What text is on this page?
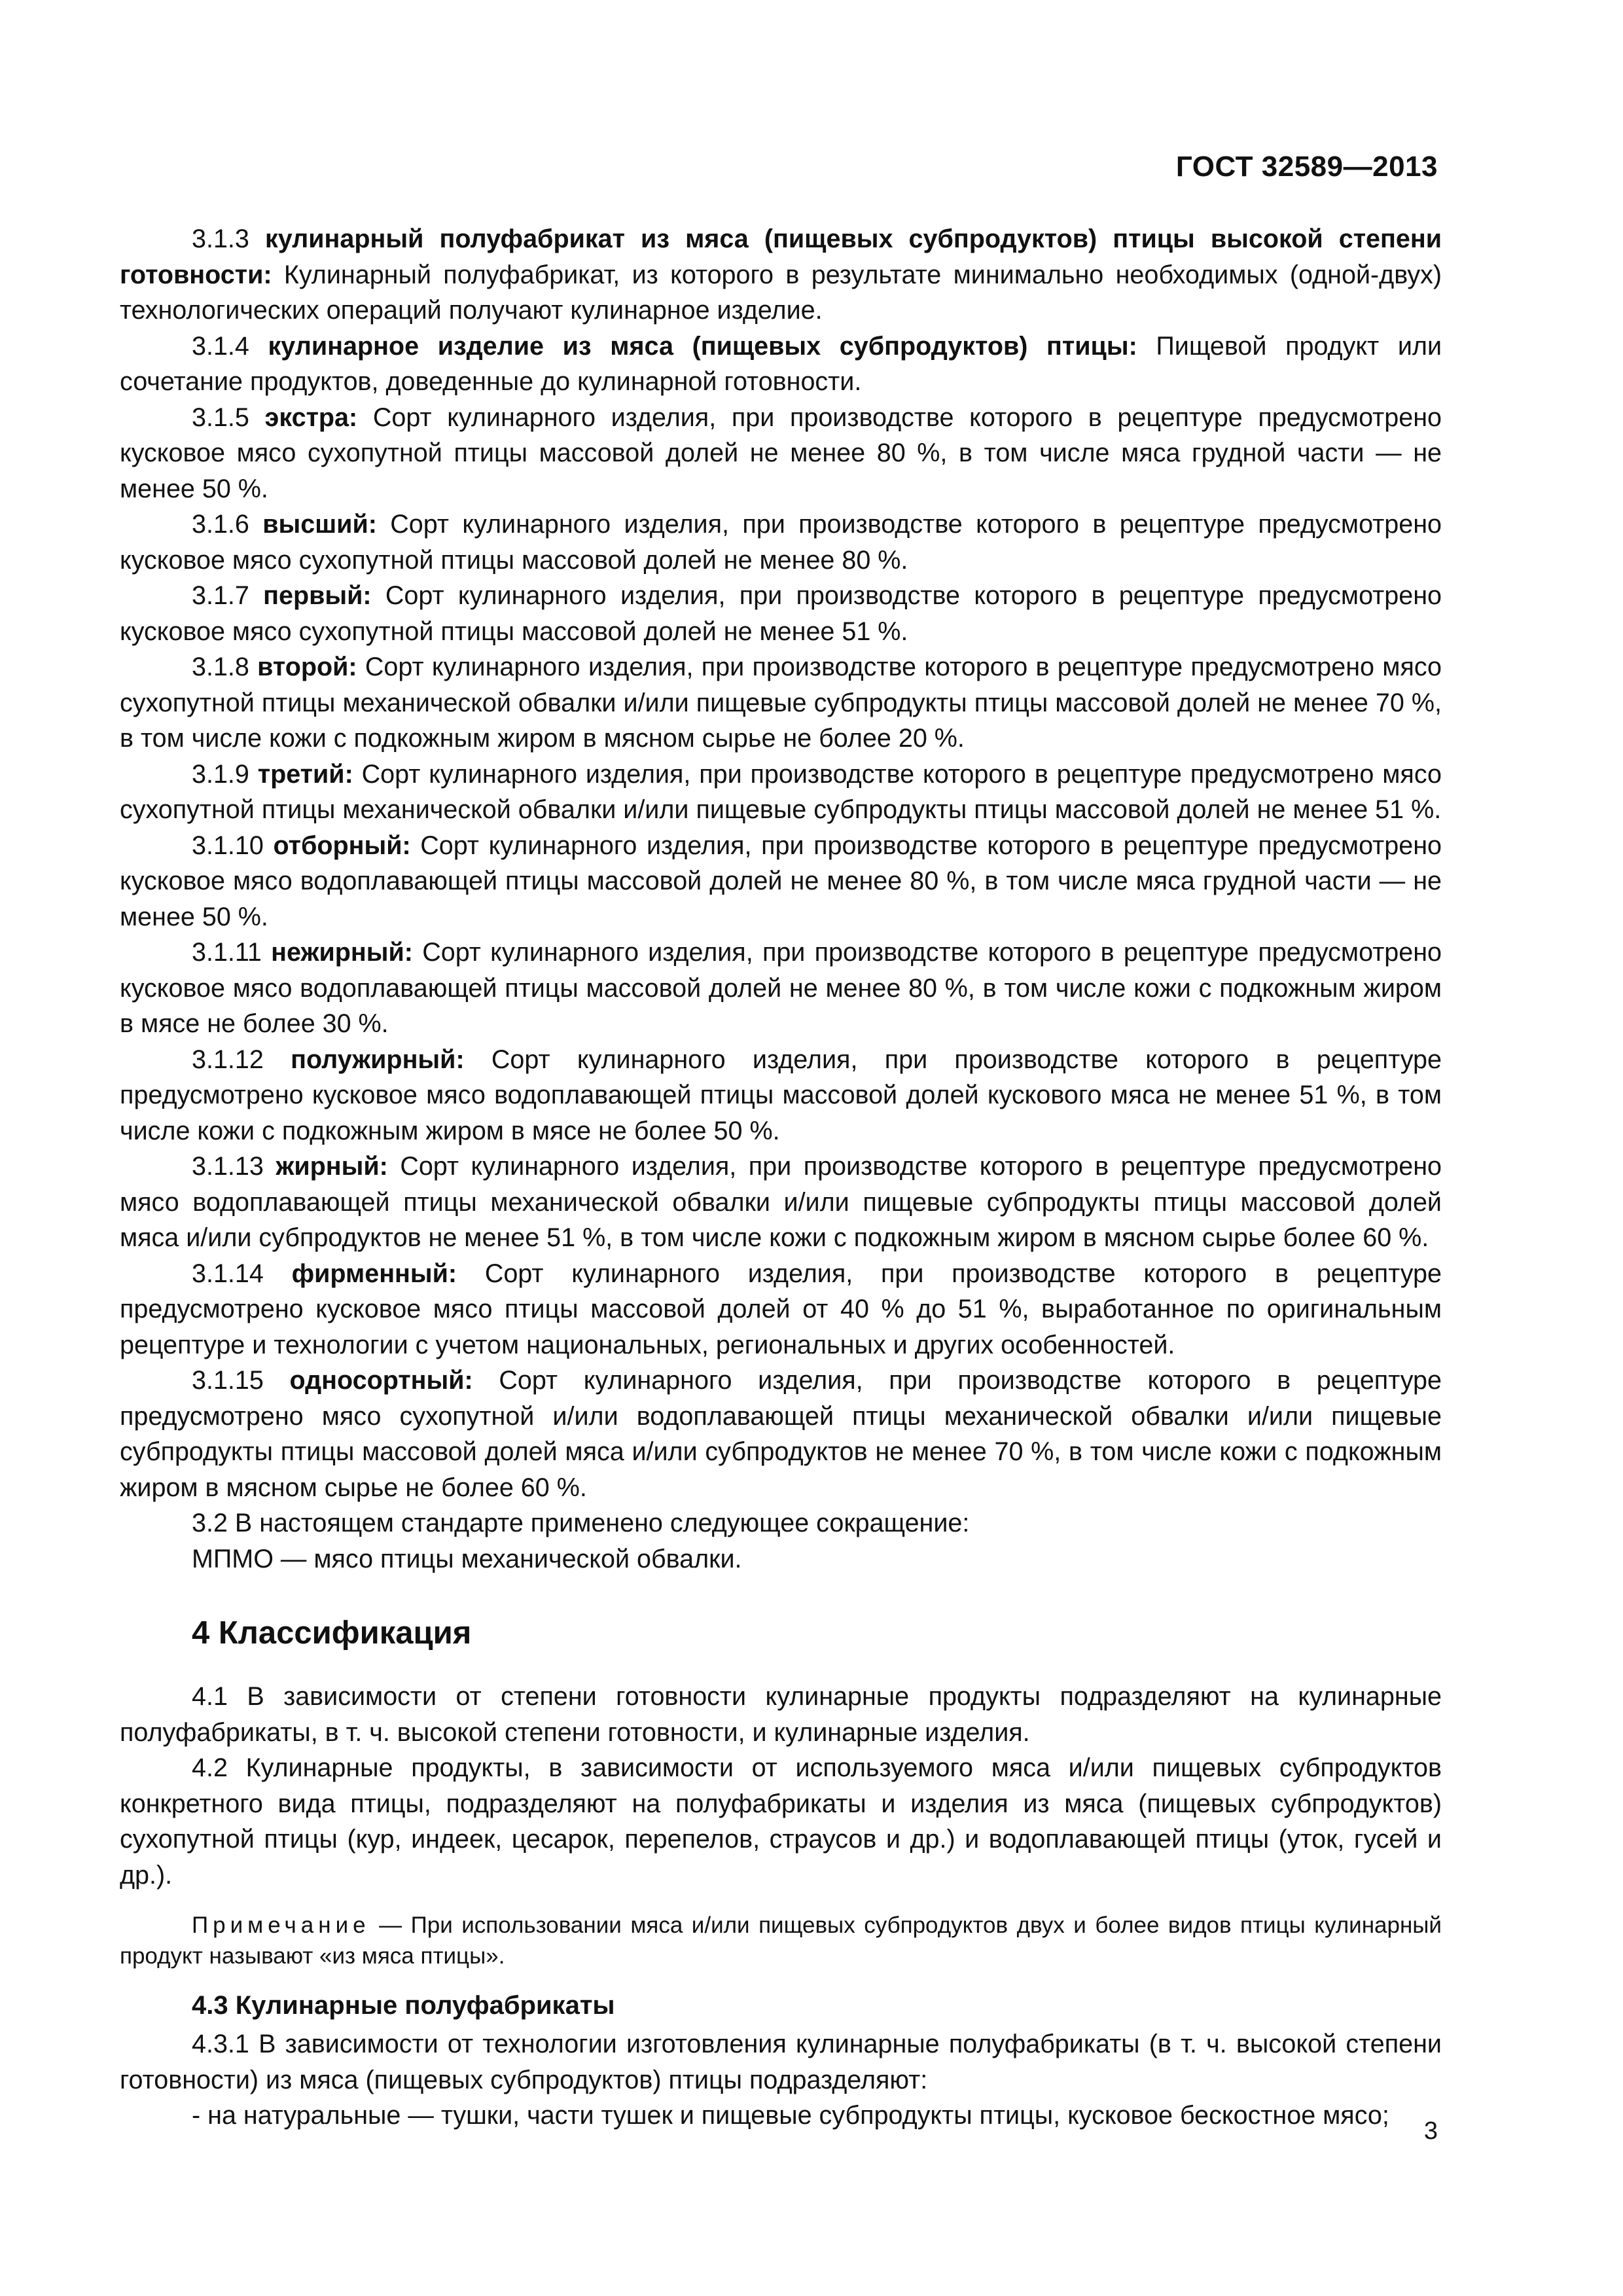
ГОСТ 32589—2013

3.1.3 кулинарный полуфабрикат из мяса (пищевых субпродуктов) птицы высокой степени готовности: Кулинарный полуфабрикат, из которого в результате минимально необходимых (одной-двух) технологических операций получают кулинарное изделие.

3.1.4 кулинарное изделие из мяса (пищевых субпродуктов) птицы: Пищевой продукт или сочетание продуктов, доведенные до кулинарной готовности.

3.1.5 экстра: Сорт кулинарного изделия, при производстве которого в рецептуре предусмотрено кусковое мясо сухопутной птицы массовой долей не менее 80 %, в том числе мяса грудной части — не менее 50 %.

3.1.6 высший: Сорт кулинарного изделия, при производстве которого в рецептуре предусмотрено кусковое мясо сухопутной птицы массовой долей не менее 80 %.

3.1.7 первый: Сорт кулинарного изделия, при производстве которого в рецептуре предусмотрено кусковое мясо сухопутной птицы массовой долей не менее 51 %.

3.1.8 второй: Сорт кулинарного изделия, при производстве которого в рецептуре предусмотрено мясо сухопутной птицы механической обвалки и/или пищевые субпродукты птицы массовой долей не менее 70 %, в том числе кожи с подкожным жиром в мясном сырье не более 20 %.

3.1.9 третий: Сорт кулинарного изделия, при производстве которого в рецептуре предусмотрено мясо сухопутной птицы механической обвалки и/или пищевые субпродукты птицы массовой долей не менее 51 %.

3.1.10 отборный: Сорт кулинарного изделия, при производстве которого в рецептуре предусмотрено кусковое мясо водоплавающей птицы массовой долей не менее 80 %, в том числе мяса грудной части — не менее 50 %.

3.1.11 нежирный: Сорт кулинарного изделия, при производстве которого в рецептуре предусмотрено кусковое мясо водоплавающей птицы массовой долей не менее 80 %, в том числе кожи с подкожным жиром в мясе не более 30 %.

3.1.12 полужирный: Сорт кулинарного изделия, при производстве которого в рецептуре предусмотрено кусковое мясо водоплавающей птицы массовой долей кускового мяса не менее 51 %, в том числе кожи с подкожным жиром в мясе не более 50 %.

3.1.13 жирный: Сорт кулинарного изделия, при производстве которого в рецептуре предусмотрено мясо водоплавающей птицы механической обвалки и/или пищевые субпродукты птицы массовой долей мяса и/или субпродуктов не менее 51 %, в том числе кожи с подкожным жиром в мясном сырье более 60 %.

3.1.14 фирменный: Сорт кулинарного изделия, при производстве которого в рецептуре предусмотрено кусковое мясо птицы массовой долей от 40 % до 51 %, выработанное по оригинальным рецептуре и технологии с учетом национальных, региональных и других особенностей.

3.1.15 односортный: Сорт кулинарного изделия, при производстве которого в рецептуре предусмотрено мясо сухопутной и/или водоплавающей птицы механической обвалки и/или пищевые субпродукты птицы массовой долей мяса и/или субпродуктов не менее 70 %, в том числе кожи с подкожным жиром в мясном сырье не более 60 %.

3.2 В настоящем стандарте применено следующее сокращение:

МПМО — мясо птицы механической обвалки.

4 Классификация

4.1 В зависимости от степени готовности кулинарные продукты подразделяют на кулинарные полуфабрикаты, в т. ч. высокой степени готовности, и кулинарные изделия.

4.2 Кулинарные продукты, в зависимости от используемого мяса и/или пищевых субпродуктов конкретного вида птицы, подразделяют на полуфабрикаты и изделия из мяса (пищевых субпродуктов) сухопутной птицы (кур, индеек, цесарок, перепелов, страусов и др.) и водоплавающей птицы (уток, гусей и др.).

Примечание — При использовании мяса и/или пищевых субпродуктов двух и более видов птицы кулинарный продукт называют «из мяса птицы».
4.3 Кулинарные полуфабрикаты

4.3.1 В зависимости от технологии изготовления кулинарные полуфабрикаты (в т. ч. высокой степени готовности) из мяса (пищевых субпродуктов) птицы подразделяют:

- на натуральные — тушки, части тушек и пищевые субпродукты птицы, кусковое бескостное мясо;

3
